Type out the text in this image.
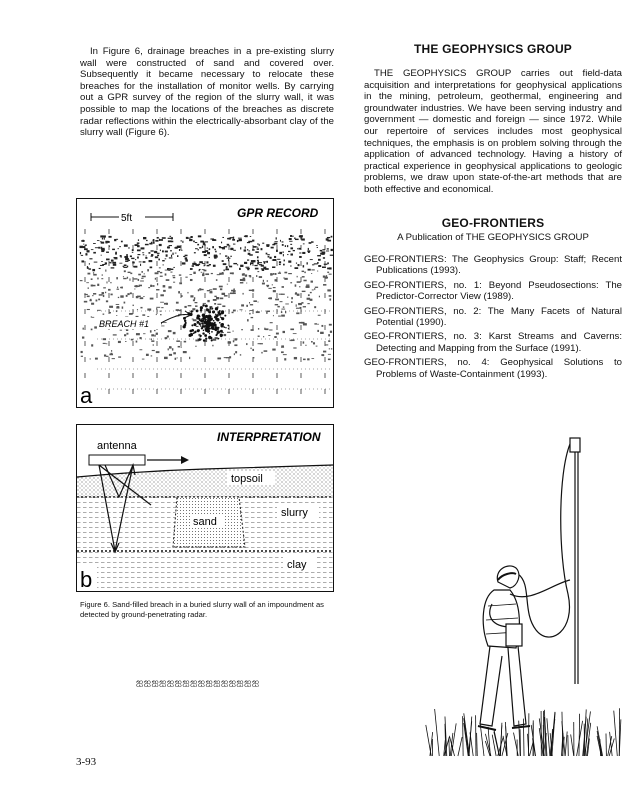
In Figure 6, drainage breaches in a pre-existing slurry wall were constructed of sand and covered over. Subsequently it became necessary to relocate these breaches for the installation of monitor wells. By carrying out a GPR survey of the region of the slurry wall, it was possible to map the locations of the breaches as discrete radar reflections within the electrically-absorbant clay of the slurry wall (Figure 6).
5ft	GPR RECORD
BREACH #1
a
INTERPRETATION
antenna
topsoil
sand
slurry
clay
b
Figure 6. Sand-filled breach in a buried slurry wall of an impoundment as detected by ground-penetrating radar.
ஐஐஐஐஐஐஐஐஐஐஐஐஐஐஐஐ
3-93
THE GEOPHYSICS GROUP
THE GEOPHYSICS GROUP carries out field-data acquisition and interpretations for geophysical applications in the mining, petroleum, geothermal, engineering and groundwater industries. We have been serving industry and government — domestic and foreign — since 1972. While our repertoire of services includes most geophysical techniques, the emphasis is on problem solving through the application of advanced technology. Having a history of practical experience in geophysical applications to geologic problems, we draw upon state-of-the-art methods that are both effective and economical.
GEO-FRONTIERS
A Publication of THE GEOPHYSICS GROUP

GEO-FRONTIERS: The Geophysics Group: Staff; Recent Publications (1993).

GEO-FRONTIERS, no. 1: Beyond Pseudosections: The Predictor-Corrector View (1989).

GEO-FRONTIERS, no. 2: The Many Facets of Natural Potential (1990).

GEO-FRONTIERS, no. 3: Karst Streams and Caverns: Detecting and Mapping from the Surface (1991).

GEO-FRONTIERS, no. 4: Geophysical Solutions to Problems of Waste-Containment (1993).
